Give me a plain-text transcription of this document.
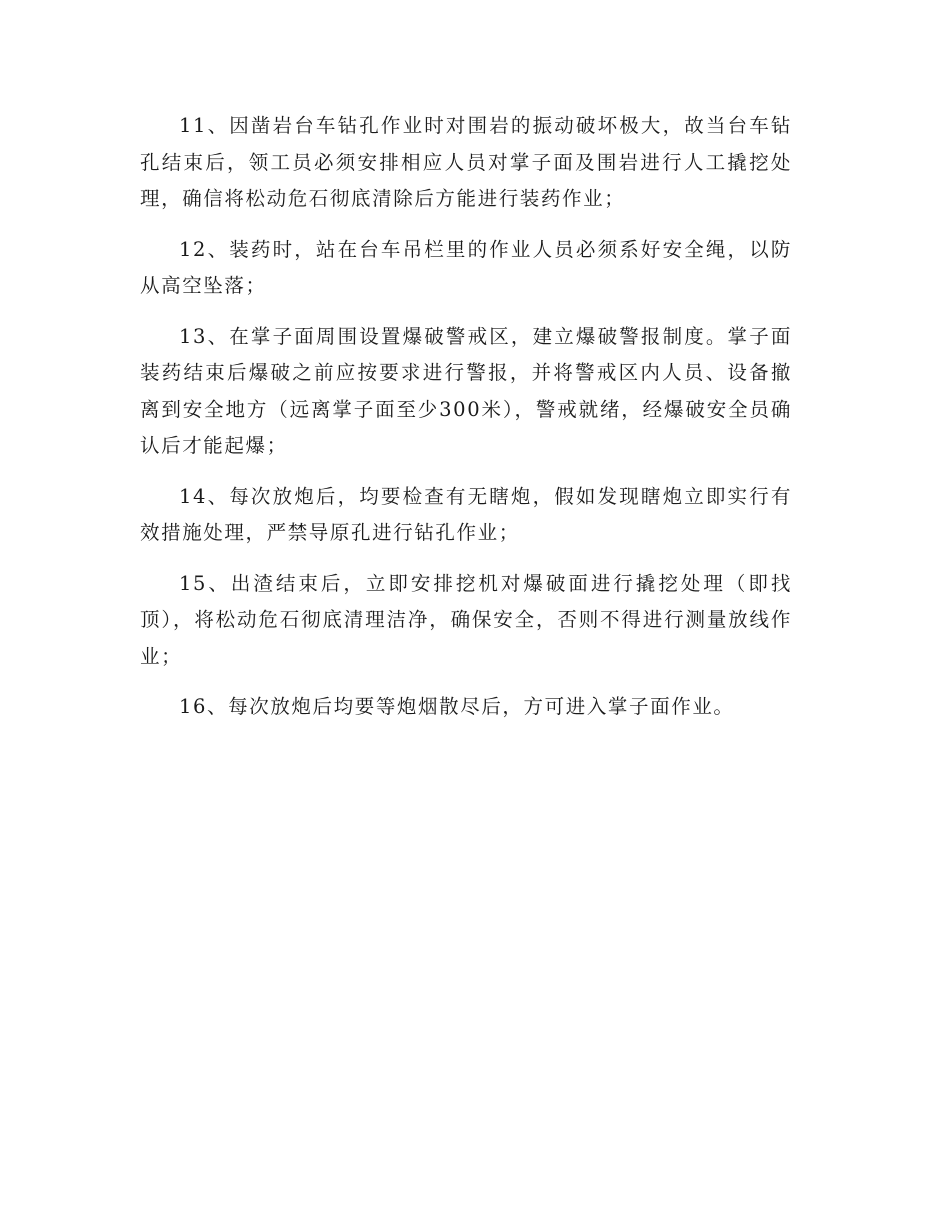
11、因凿岩台车钻孔作业时对围岩的振动破坏极大，故当台车钻孔结束后，领工员必须安排相应人员对掌子面及围岩进行人工撬挖处理，确信将松动危石彻底清除后方能进行装药作业；

12、装药时，站在台车吊栏里的作业人员必须系好安全绳，以防从高空坠落；

13、在掌子面周围设置爆破警戒区，建立爆破警报制度。掌子面装药结束后爆破之前应按要求进行警报，并将警戒区内人员、设备撤离到安全地方（远离掌子面至少300米），警戒就绪，经爆破安全员确认后才能起爆；

14、每次放炮后，均要检查有无瞎炮，假如发现瞎炮立即实行有效措施处理，严禁导原孔进行钻孔作业；

15、出渣结束后，立即安排挖机对爆破面进行撬挖处理（即找顶），将松动危石彻底清理洁净，确保安全，否则不得进行测量放线作业；

16、每次放炮后均要等炮烟散尽后，方可进入掌子面作业。
